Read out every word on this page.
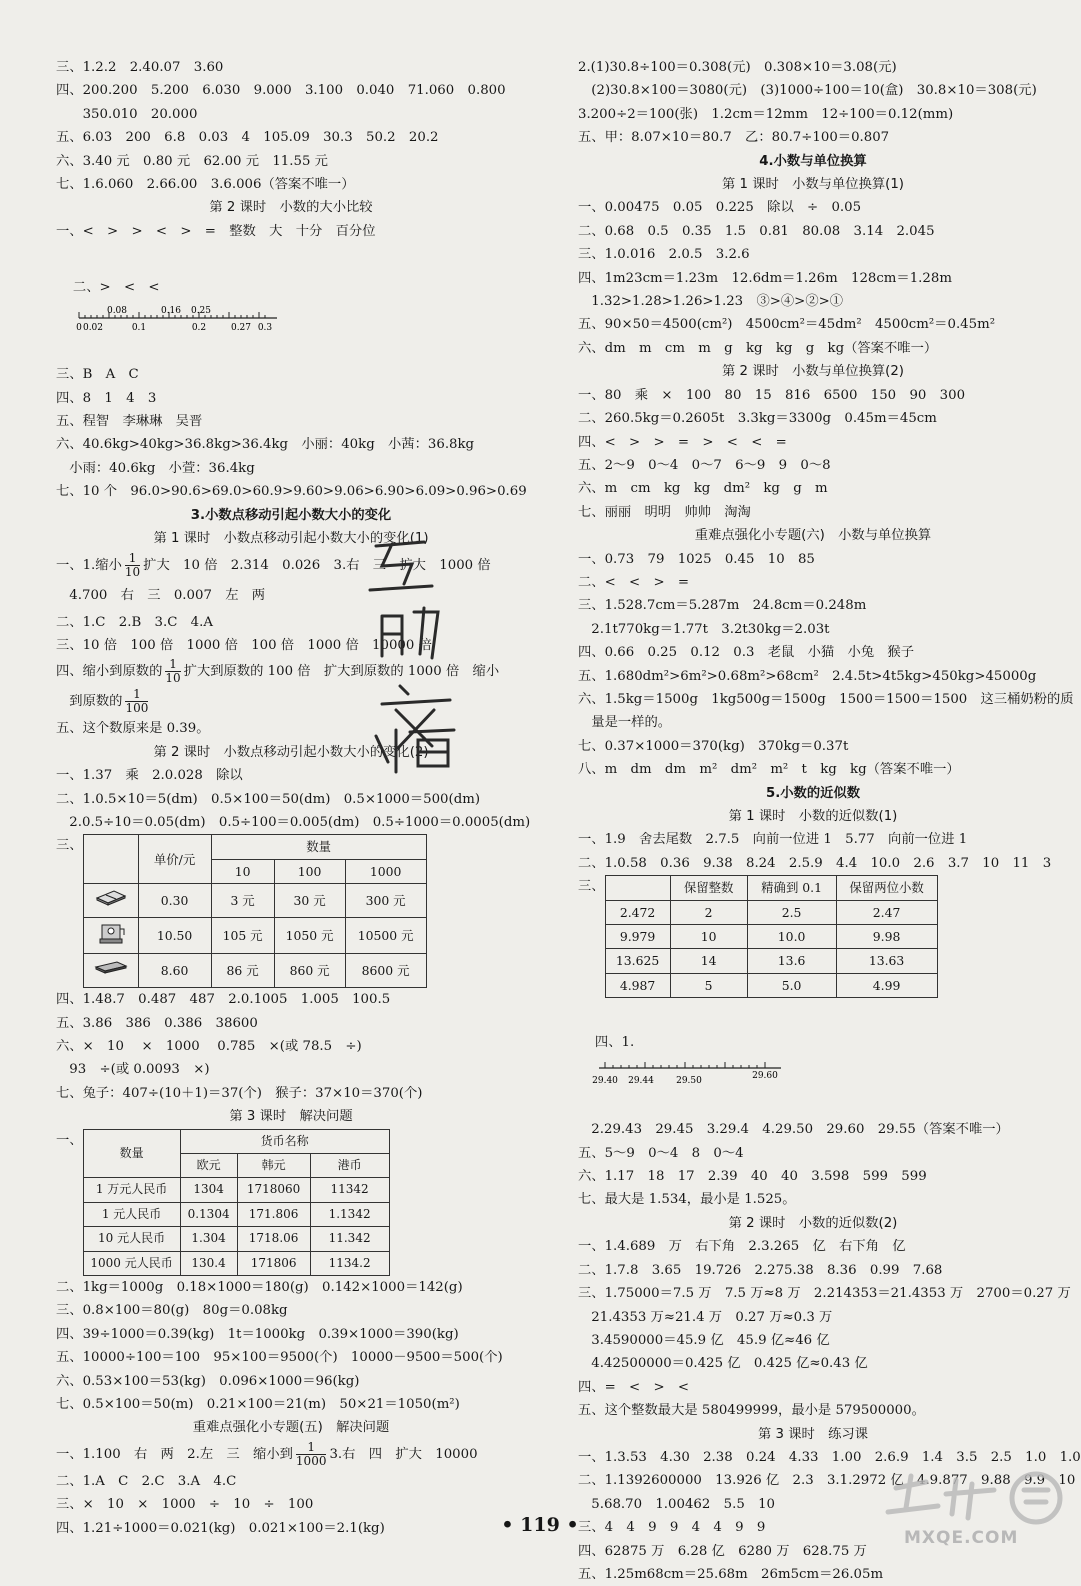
三、1.2.2　2.40.07　3.60
四、200.200　5.200　6.030　9.000　3.100　0.040　71.060　0.800
　　350.010　20.000
五、6.03　200　6.8　0.03　4　105.09　30.3　50.2　20.2
六、3.40 元　0.80 元　62.00 元　11.55 元
七、1.6.060　2.66.00　3.6.006（答案不唯一）
第 2 课时　小数的大小比较
一、<　>　>　<　>　=　整数　大　十分　百分位

二、>　<　<

0.08	0.16 0.25
0 0.02	0.1	0.2	0.27 0.3

三、B　A　C
四、8　1　4　3
五、程智　李琳琳　吴晋
六、40.6kg>40kg>36.8kg>36.4kg　小丽：40kg　小茜：36.8kg
　小雨：40.6kg　小萱：36.4kg
七、10 个　96.0>90.6>69.0>60.9>9.60>9.06>6.90>6.09>0.96>0.69
3.小数点移动引起小数大小的变化
第 1 课时　小数点移动引起小数大小的变化(1)
一、1.缩小 $\frac{1}{10}$ 扩大　10 倍　2.314　0.026　3.右　三　扩大　1000 倍
　4.700　右　三　0.007　左　两
二、1.C　2.B　3.C　4.A
三、10 倍　100 倍　1000 倍　100 倍　1000 倍　10000 倍
四、缩小到原数的 $\frac{1}{10}$ 扩大到原数的 100 倍　扩大到原数的 1000 倍　缩小
　到原数的 $\frac{1}{100}$
五、这个数原来是 0.39。
第 2 课时　小数点移动引起小数大小的变化(2)
一、1.37　乘　2.0.028　除以
二、1.0.5×10＝5(dm)　0.5×100＝50(dm)　0.5×1000＝500(dm)
　2.0.5÷10＝0.05(dm)　0.5÷100＝0.005(dm)　0.5÷1000＝0.0005(dm)
三、
	单价/元	数量		
		10	100	1000
	0.30	3 元	30 元	300 元
	10.50	105 元	1050 元	10500 元
	8.60	86 元	860 元	8600 元
四、1.48.7　0.487　487　2.0.1005　1.005　100.5
五、3.86　386　0.386　38600
六、×　10　 ×　1000　 0.785　×(或 78.5　÷)
　93　÷(或 0.0093　×)
七、兔子：407÷(10＋1)＝37(个)　猴子：37×10＝370(个)
第 3 课时　解决问题
一、
数量	货币名称		
	欧元	韩元	港币
1 万元人民币	1304	1718060	11342
1 元人民币	0.1304	171.806	1.1342
10 元人民币	1.304	1718.06	11.342
1000 元人民币	130.4	171806	1134.2
二、1kg＝1000g　0.18×1000＝180(g)　0.142×1000＝142(g)
三、0.8×100＝80(g)　80g＝0.08kg
四、39÷1000＝0.39(kg)　1t＝1000kg　0.39×1000＝390(kg)
五、10000÷100＝100　95×100＝9500(个)　10000－9500＝500(个)
六、0.53×100＝53(kg)　0.096×1000＝96(kg)
七、0.5×100＝50(m)　0.21×100＝21(m)　50×21＝1050(m²)
重难点强化小专题(五)　解决问题
一、1.100　右　两　2.左　三　缩小到 $\frac{1}{1000} 3$.右　四　扩大　10000
二、1.A　C　2.C　3.A　4.C
三、×　10　×　1000　÷　10　÷　100
四、1.21÷1000＝0.021(kg)　0.021×100＝2.1(kg)
2.(1)30.8÷100＝0.308(元)　0.308×10＝3.08(元)
　(2)30.8×100＝3080(元)　(3)1000÷100＝10(盒)　30.8×10＝308(元)
3.200÷2＝100(张)　1.2cm＝12mm　12÷100＝0.12(mm)
五、甲：8.07×10＝80.7　乙：80.7÷100＝0.807
4.小数与单位换算
第 1 课时　小数与单位换算(1)
一、0.00475　0.05　0.225　除以　÷　0.05
二、0.68　0.5　0.35　1.5　0.81　80.08　3.14　2.045
三、1.0.016　2.0.5　3.2.6
四、1m23cm＝1.23m　12.6dm＝1.26m　128cm＝1.28m
　1.32>1.28>1.26>1.23　③>④>②>①
五、90×50＝4500(cm²)　4500cm²＝45dm²　4500cm²＝0.45m²
六、dm　m　cm　m　g　kg　kg　g　kg（答案不唯一）
第 2 课时　小数与单位换算(2)
一、80　乘　×　100　80　15　816　6500　150　90　300
二、260.5kg＝0.2605t　3.3kg＝3300g　0.45m＝45cm
四、<　>　>　=　>　<　<　=
五、2～9　0～4　0～7　6～9　9　0～8
六、m　cm　kg　kg　dm²　kg　g　m
七、丽丽　明明　帅帅　淘淘
重难点强化小专题(六)　小数与单位换算
一、0.73　79　1025　0.45　10　85
二、<　<　>　=
三、1.528.7cm＝5.287m　24.8cm＝0.248m
　2.1t770kg＝1.77t　3.2t30kg＝2.03t
四、0.66　0.25　0.12　0.3　老鼠　小猫　小兔　猴子
五、1.680dm²>6m²>0.68m²>68cm²　2.4.5t>4t5kg>450kg>45000g
六、1.5kg＝1500g　1kg500g＝1500g　1500＝1500＝1500　这三桶奶粉的质
　量是一样的。
七、0.37×1000＝370(kg)　370kg＝0.37t
八、m　dm　dm　m²　dm²　m²　t　kg　kg（答案不唯一）
5.小数的近似数
第 1 课时　小数的近似数(1)
一、1.9　舍去尾数　2.7.5　向前一位进 1　5.77　向前一位进 1
二、1.0.58　0.36　9.38　8.24　2.5.9　4.4　10.0　2.6　3.7　10　11　3
三、
		保留整数	精确到 0.1	保留两位小数
2.472	2	2.5	2.47
9.979	10	10.0	9.98
13.625	14	13.6	13.63
4.987	5	5.0	4.99

四、1.

29.40 29.44 29.50	29.60

　2.29.43　29.45　3.29.4　4.29.50　29.60　29.55（答案不唯一）
五、5～9　0～4　8　0～4
六、1.17　18　17　2.39　40　40　3.598　599　599
七、最大是 1.534，最小是 1.525。
第 2 课时　小数的近似数(2)
一、1.4.689　万　右下角　2.3.265　亿　右下角　亿
二、1.7.8　3.65　19.726　2.275.38　8.36　0.99　7.68
三、1.75000＝7.5 万　7.5 万≈8 万　2.214353＝21.4353 万　2700＝0.27 万
　21.4353 万≈21.4 万　0.27 万≈0.3 万
　3.4590000＝45.9 亿　45.9 亿≈46 亿
　4.42500000＝0.425 亿　0.425 亿≈0.43 亿
四、=　<　>　<
五、这个整数最大是 580499999，最小是 579500000。
第 3 课时　练习课
一、1.3.53　4.30　2.38　0.24　4.33　1.00　2.6.9　1.4　3.5　2.5　1.0　1.0
二、1.1392600000　13.926 亿　2.3　3.1.2972 亿　4.9.877　9.88　9.9　10
　5.68.70　1.00462　5.5　10
三、4　4　9　9　4　4　9　9
四、62875 万　6.28 亿　6280 万　628.75 万
五、1.25m68cm＝25.68m　26m5cm＝26.05m
• 119 •
MXQE.COM
